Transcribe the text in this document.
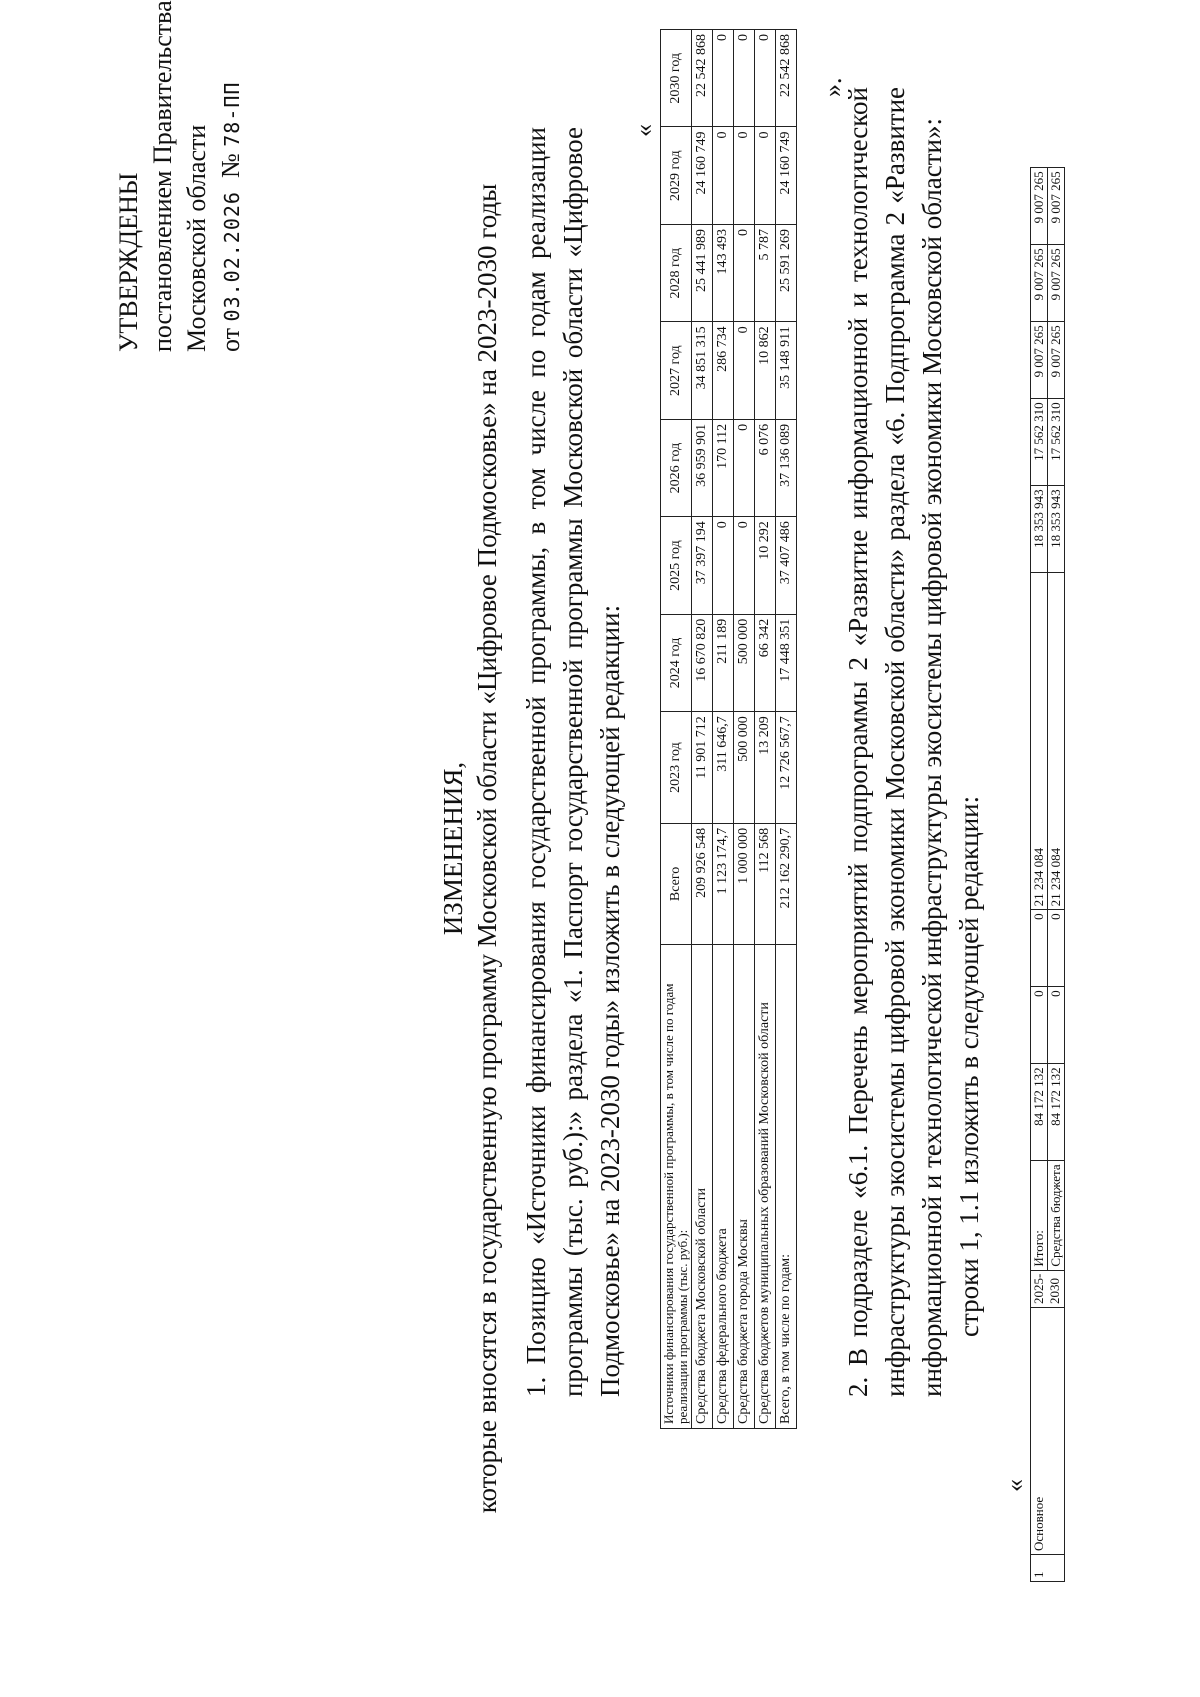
УТВЕРЖДЕНЫ постановлением Правительства Московской области от 03.02.2026  № 78-ПП
ИЗМЕНЕНИЯ, которые вносятся в государственную программу Московской области «Цифровое Подмосковье» на 2023-2030 годы 1. Позицию «Источники финансирования государственной программы, в том числе по годам реализации программы (тыс. руб.):» раздела «1. Паспорт государственной программы Московской области «Цифровое Подмосковье» на 2023-2030 годы» изложить в следующей редакции:
«
Источники финансирования государственной программы, в том числе по годам реализации программы (тыс. руб.):	Всего	2023 год	2024 год	2025 год	2026 год	2027 год	2028 год	2029 год	2030 год
Средства бюджета Московской области	209 926 548	11 901 712	16 670 820	37 397 194	36 959 901	34 851 315	25 441 989	24 160 749	22 542 868
Средства федерального бюджета	1 123 174,7	311 646,7	211 189	0	170 112	286 734	143 493	0	0
Средства бюджета города Москвы	1 000 000	500 000	500 000	0	0	0	0	0	0
Средства бюджетов муниципальных образований Московской области	112 568	13 209	66 342	10 292	6 076	10 862	5 787	0	0
Всего, в том числе по годам:	212 162 290,7	12 726 567,7	17 448 351	37 407 486	37 136 089	35 148 911	25 591 269	24 160 749	22 542 868 ».
2. В подразделе «6.1. Перечень мероприятий подпрограммы 2 «Развитие информационной и технологической инфраструктуры экосистемы цифровой экономики Московской области» раздела «6. Подпрограмма 2 «Развитие информационной и технологической инфраструктуры экосистемы цифровой экономики Московской области»: строки 1, 1.1 изложить в следующей редакции:
«
1	Основное	2025-2030	Итого:	84 172 132	0	0	21 234 084	18 353 943	17 562 310	9 007 265	9 007 265	9 007 265
			Средства бюджета	84 172 132	0	0	21 234 084	18 353 943	17 562 310	9 007 265	9 007 265	9 007 265
